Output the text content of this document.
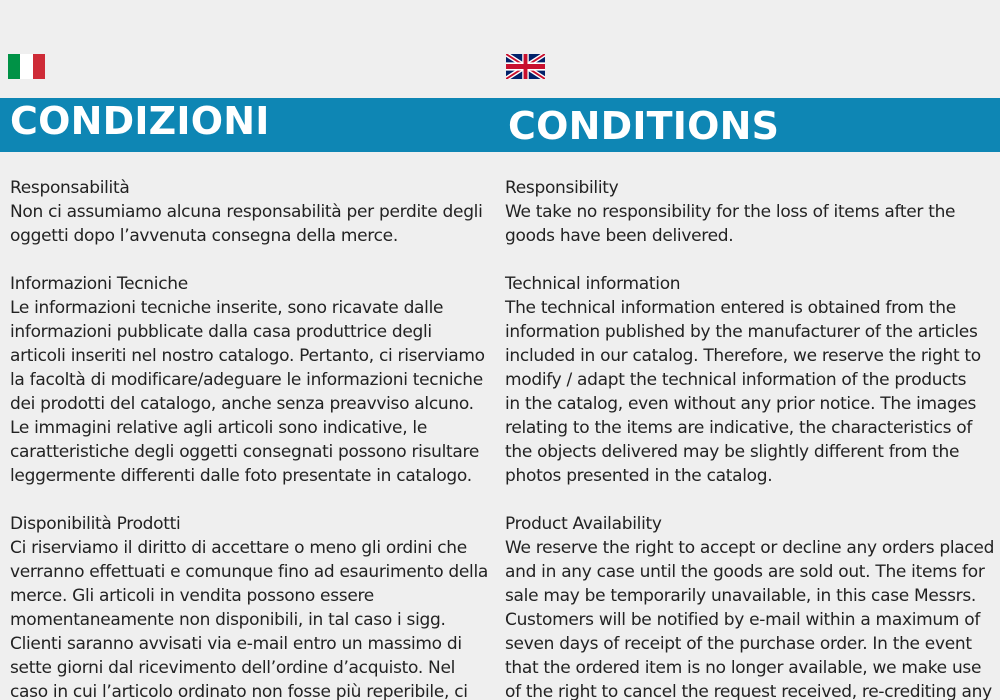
CONDIZIONI	CONDITIONS
Responsabilità
Non ci assumiamo alcuna responsabilità per perdite degli
oggetti dopo l’avvenuta consegna della merce.
Informazioni Tecniche
Le informazioni tecniche inserite, sono ricavate dalle
informazioni pubblicate dalla casa produttrice degli
articoli inseriti nel nostro catalogo. Pertanto, ci riserviamo
la facoltà di modificare/adeguare le informazioni tecniche
dei prodotti del catalogo, anche senza preavviso alcuno.
Le immagini relative agli articoli sono indicative, le
caratteristiche degli oggetti consegnati possono risultare
leggermente differenti dalle foto presentate in catalogo.
Disponibilità Prodotti
Ci riserviamo il diritto di accettare o meno gli ordini che
verranno effettuati e comunque fino ad esaurimento della
merce. Gli articoli in vendita possono essere
momentaneamente non disponibili, in tal caso i sigg.
Clienti saranno avvisati via e-mail entro un massimo di
sette giorni dal ricevimento dell’ordine d’acquisto. Nel
caso in cui l’articolo ordinato non fosse più reperibile, ci
Responsibility
We take no responsibility for the loss of items after the
goods have been delivered.
Technical information
The technical information entered is obtained from the
information published by the manufacturer of the articles
included in our catalog. Therefore, we reserve the right to
modify / adapt the technical information of the products
in the catalog, even without any prior notice. The images
relating to the items are indicative, the characteristics of
the objects delivered may be slightly different from the
photos presented in the catalog.
Product Availability
We reserve the right to accept or decline any orders placed
and in any case until the goods are sold out. The items for
sale may be temporarily unavailable, in this case Messrs.
Customers will be notified by e-mail within a maximum of
seven days of receipt of the purchase order. In the event
that the ordered item is no longer available, we make use
of the right to cancel the request received, re-crediting any
